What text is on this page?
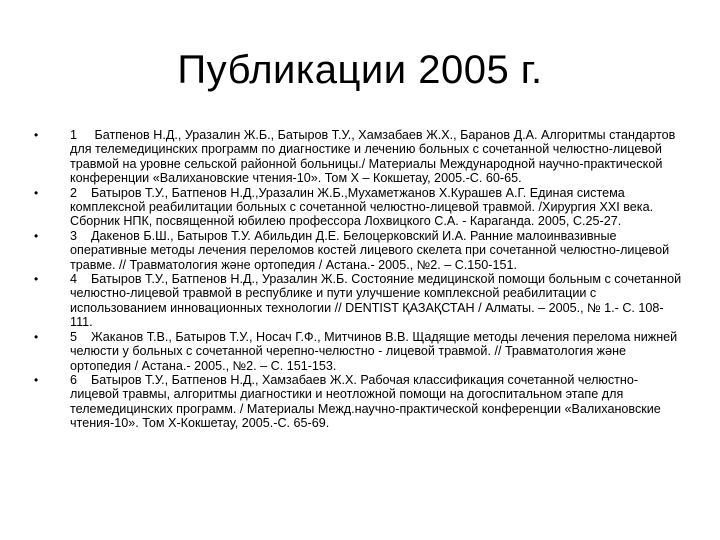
Публикации 2005 г.
•	1 Батпенов Н.Д., Уразалин Ж.Б., Батыров Т.У., Хамзабаев Ж.Х., Баранов Д.А. Алгоритмы стандартов для телемедицинских программ по диагностике и лечению больных с сочетанной челюстно-лицевой травмой на уровне сельской районной больницы./ Материалы Международной научно-практической конференции «Валихановские чтения-10». Том Х – Кокшетау, 2005.-С. 60-65.
•	2 Батыров Т.У., Батпенов Н.Д.,Уразалин Ж.Б.,Мухаметжанов Х.Курашев А.Г. Единая система комплексной реабилитации больных с сочетанной челюстно-лицевой травмой. /Хирургия XXI века. Сборник НПК, посвященной юбилею профессора Лохвицкого С.А. - Караганда. 2005, С.25-27.
•	3 Дакенов Б.Ш., Батыров Т.У. Абильдин Д.Е. Белоцерковский И.А. Ранние малоинвазивные оперативные методы лечения переломов костей лицевого скелета при сочетанной челюстно-лицевой травме. // Травматология және ортопедия / Астана.- 2005., №2. – С.150-151.
•	4 Батыров Т.У., Батпенов Н.Д., Уразалин Ж.Б. Состояние медицинской помощи больным с сочетанной челюстно-лицевой травмой в республике и пути улучшение комплексной реабилитации с использованием инновационных технологии // DENTIST ҚАЗАҚСТАН / Алматы. – 2005., № 1.- С. 108-111.
•	5 Жаканов Т.В., Батыров Т.У., Носач Г.Ф., Митчинов В.В. Щадящие методы лечения перелома нижней челюсти у больных с сочетанной черепно-челюстно - лицевой травмой. // Травматология және ортопедия / Астана.- 2005., №2. – С. 151-153.
•	6 Батыров Т.У., Батпенов Н.Д., Хамзабаев Ж.Х. Рабочая классификация сочетанной челюстно-лицевой травмы, алгоритмы диагностики и неотложной помощи на догоспитальном этапе для телемедицинских программ. / Материалы Межд.научно-практической конференции «Валихановские чтения-10». Том Х-Кокшетау, 2005.-С. 65-69.
